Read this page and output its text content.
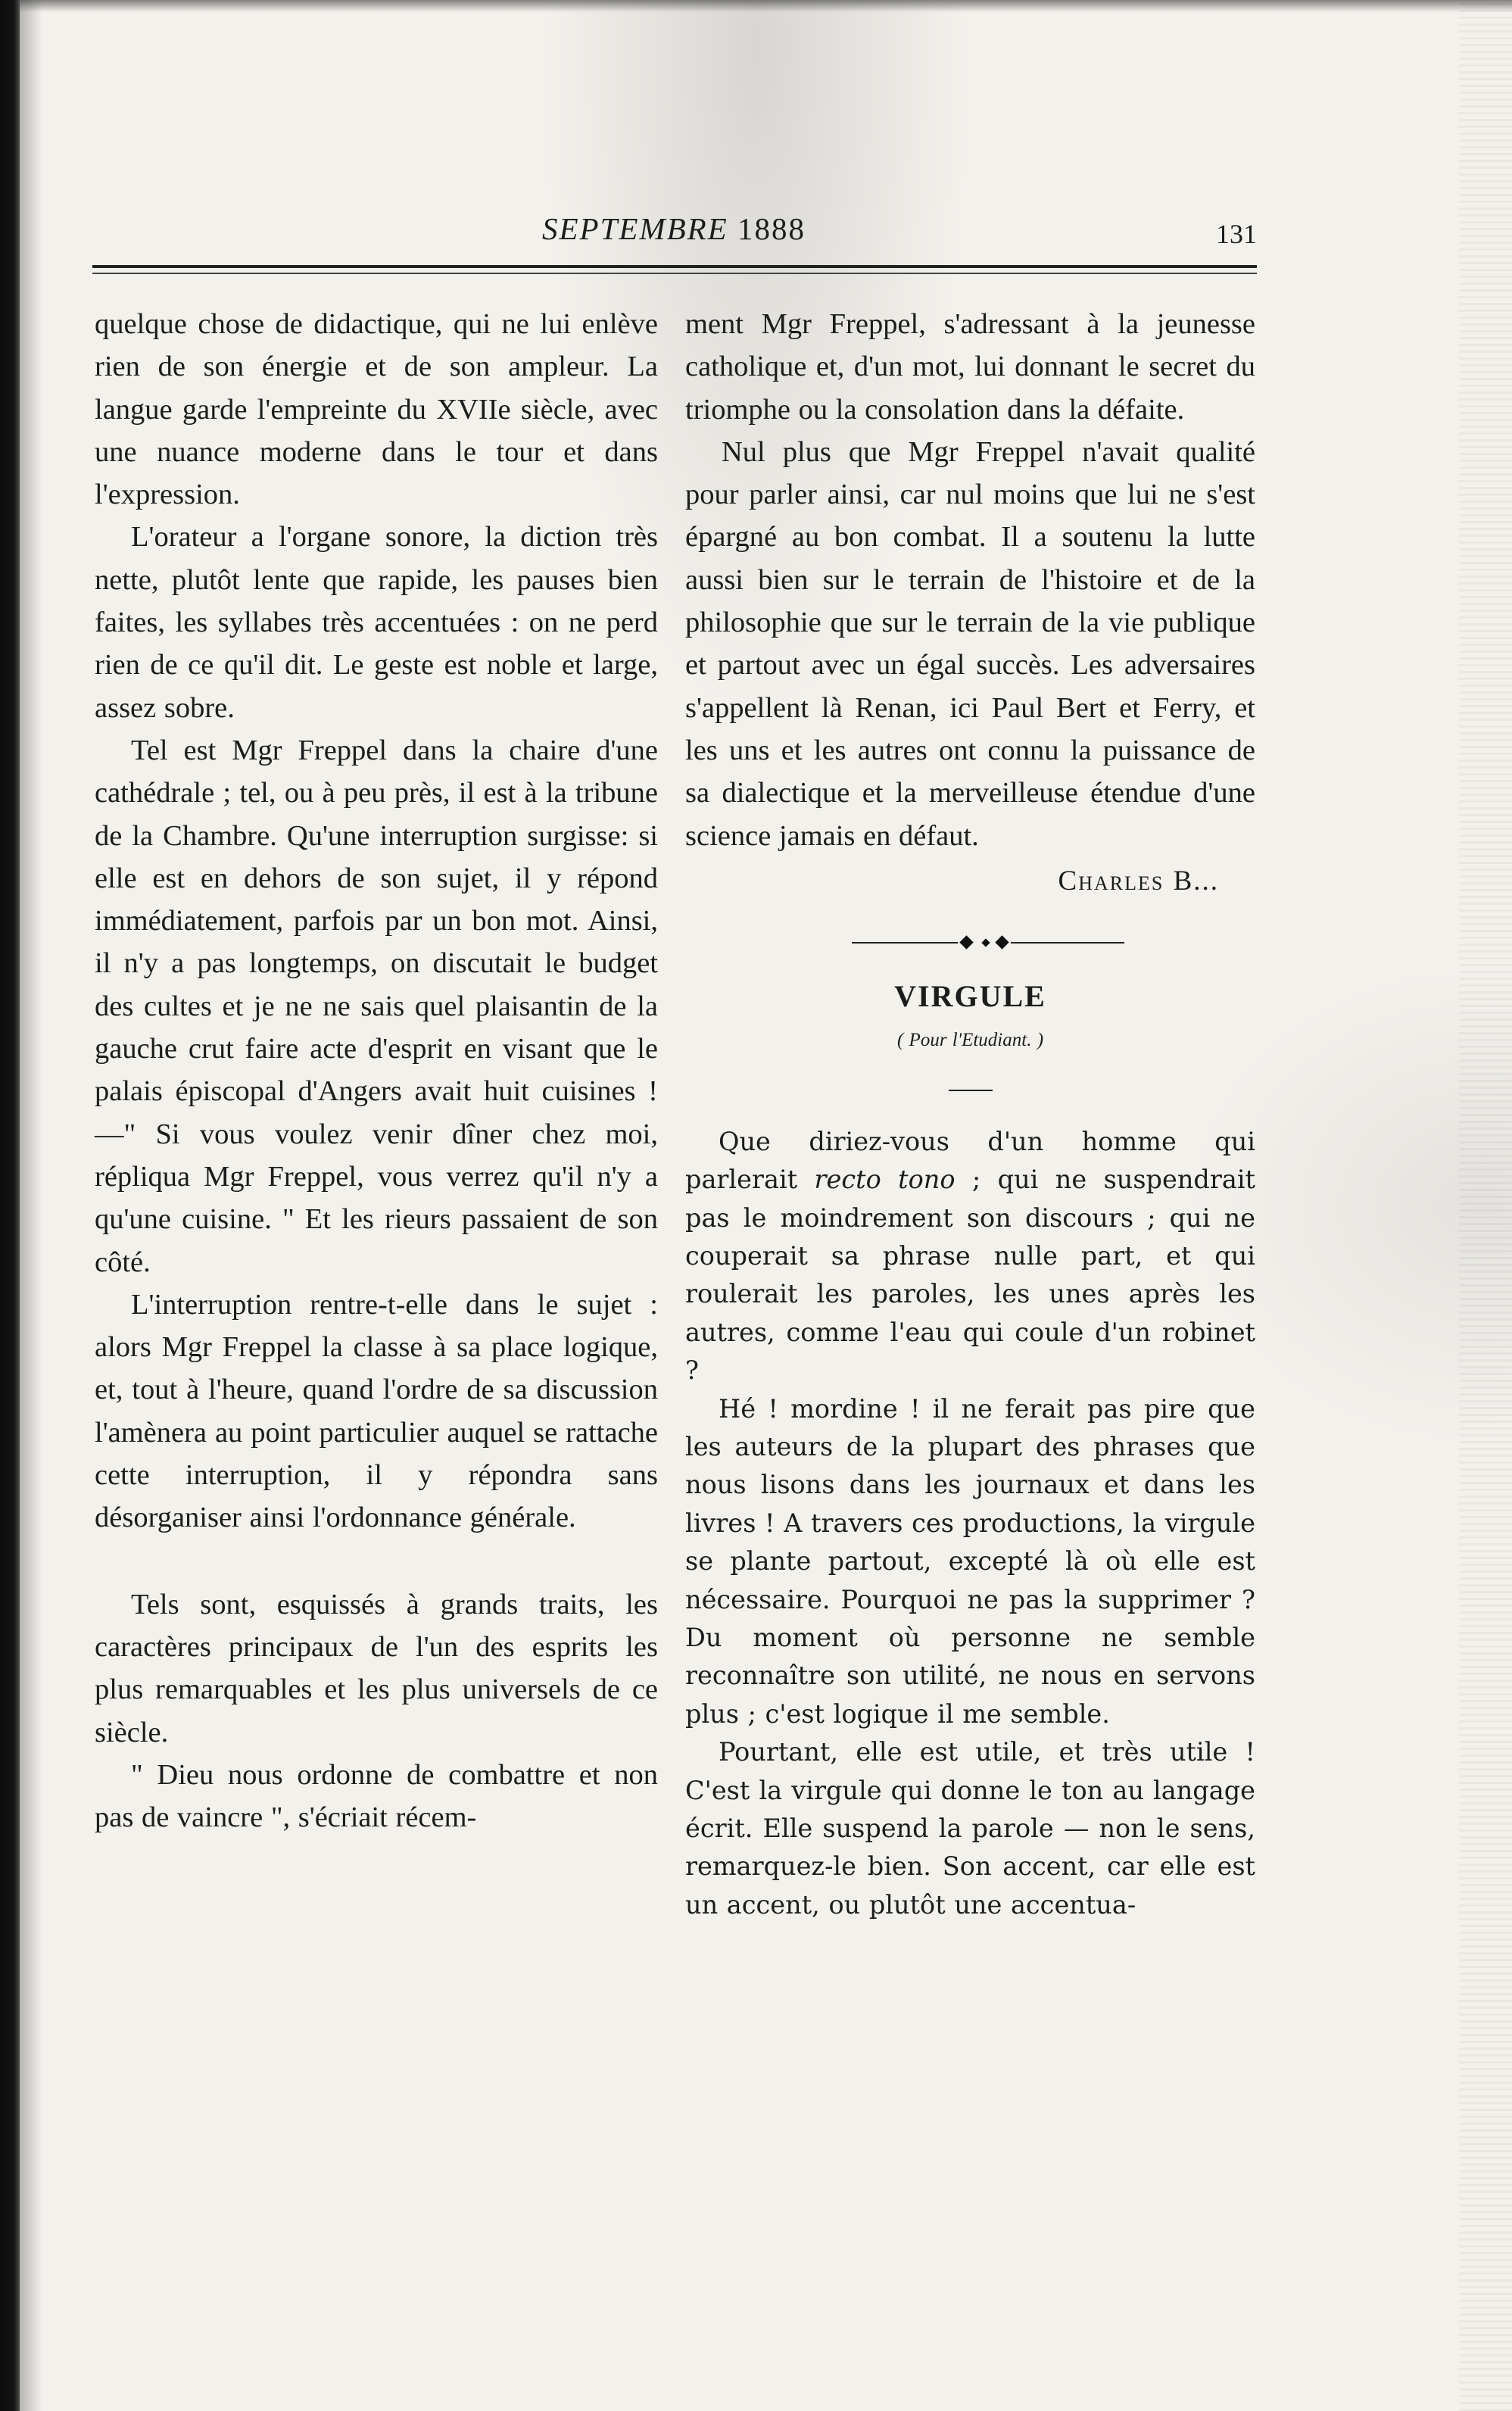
SEPTEMBRE 1888	131

quelque chose de didactique, qui ne lui enlève rien de son énergie et de son ampleur. La langue garde l'empreinte du XVIIe siècle, avec une nuance moderne dans le tour et dans l'expression.

L'orateur a l'organe sonore, la diction très nette, plutôt lente que rapide, les pauses bien faites, les syllabes très accentuées : on ne perd rien de ce qu'il dit. Le geste est noble et large, assez sobre.

Tel est Mgr Freppel dans la chaire d'une cathédrale ; tel, ou à peu près, il est à la tribune de la Chambre. Qu'une interruption surgisse: si elle est en dehors de son sujet, il y répond immédiatement, parfois par un bon mot. Ainsi, il n'y a pas longtemps, on discutait le budget des cultes et je ne ne sais quel plaisantin de la gauche crut faire acte d'esprit en visant que le palais épiscopal d'Angers avait huit cuisines !—" Si vous voulez venir dîner chez moi, répliqua Mgr Freppel, vous verrez qu'il n'y a qu'une cuisine. " Et les rieurs passaient de son côté.

L'interruption rentre-t-elle dans le sujet : alors Mgr Freppel la classe à sa place logique, et, tout à l'heure, quand l'ordre de sa discussion l'amènera au point particulier auquel se rattache cette interruption, il y répondra sans désorganiser ainsi l'ordonnance générale.

Tels sont, esquissés à grands traits, les caractères principaux de l'un des esprits les plus remarquables et les plus universels de ce siècle.

" Dieu nous ordonne de combattre et non pas de vaincre ", s'écriait récem-

ment Mgr Freppel, s'adressant à la jeunesse catholique et, d'un mot, lui donnant le secret du triomphe ou la consolation dans la défaite.

Nul plus que Mgr Freppel n'avait qualité pour parler ainsi, car nul moins que lui ne s'est épargné au bon combat. Il a soutenu la lutte aussi bien sur le terrain de l'histoire et de la philosophie que sur le terrain de la vie publique et partout avec un égal succès. Les adversaires s'appellent là Renan, ici Paul Bert et Ferry, et les uns et les autres ont connu la puissance de sa dialectique et la merveilleuse étendue d'une science jamais en défaut.

Charles B...
VIRGULE
( Pour l'Etudiant. )

Que diriez-vous d'un homme qui parlerait recto tono ; qui ne suspendrait pas le moindrement son discours ; qui ne couperait sa phrase nulle part, et qui roulerait les paroles, les unes après les autres, comme l'eau qui coule d'un robinet ?

Hé ! mordine ! il ne ferait pas pire que les auteurs de la plupart des phrases que nous lisons dans les journaux et dans les livres ! A travers ces productions, la virgule se plante partout, excepté là où elle est nécessaire. Pourquoi ne pas la supprimer ? Du moment où personne ne semble reconnaître son utilité, ne nous en servons plus ; c'est logique il me semble.

Pourtant, elle est utile, et très utile ! C'est la virgule qui donne le ton au langage écrit. Elle suspend la parole — non le sens, remarquez-le bien. Son accent, car elle est un accent, ou plutôt une accentua-
